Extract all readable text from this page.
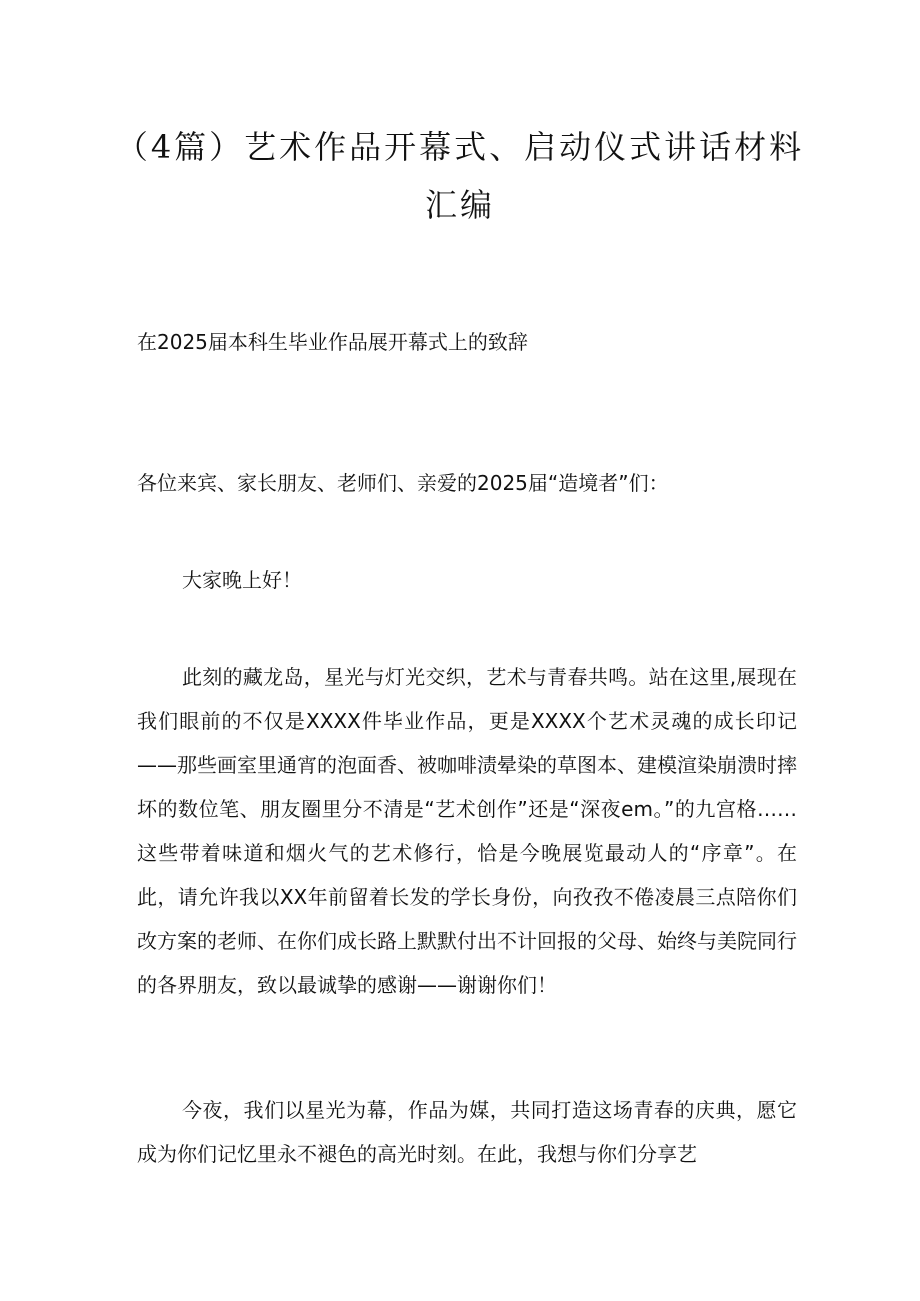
（4篇）艺术作品开幕式、启动仪式讲话材料汇编
在2025届本科生毕业作品展开幕式上的致辞

各位来宾、家长朋友、老师们、亲爱的2025届“造境者”们：

大家晚上好！

此刻的藏龙岛，星光与灯光交织，艺术与青春共鸣。站在这里,展现在我们眼前的不仅是XXXX件毕业作品，更是XXXX个艺术灵魂的成长印记——那些画室里通宵的泡面香、被咖啡渍晕染的草图本、建模渲染崩溃时摔坏的数位笔、朋友圈里分不清是“艺术创作”还是“深夜em。”的九宫格……这些带着味道和烟火气的艺术修行，恰是今晚展览最动人的“序章”。在此，请允许我以XX年前留着长发的学长身份，向孜孜不倦凌晨三点陪你们改方案的老师、在你们成长路上默默付出不计回报的父母、始终与美院同行的各界朋友，致以最诚挚的感谢——谢谢你们！

今夜，我们以星光为幕，作品为媒，共同打造这场青春的庆典，愿它成为你们记忆里永不褪色的高光时刻。在此，我想与你们分享艺
